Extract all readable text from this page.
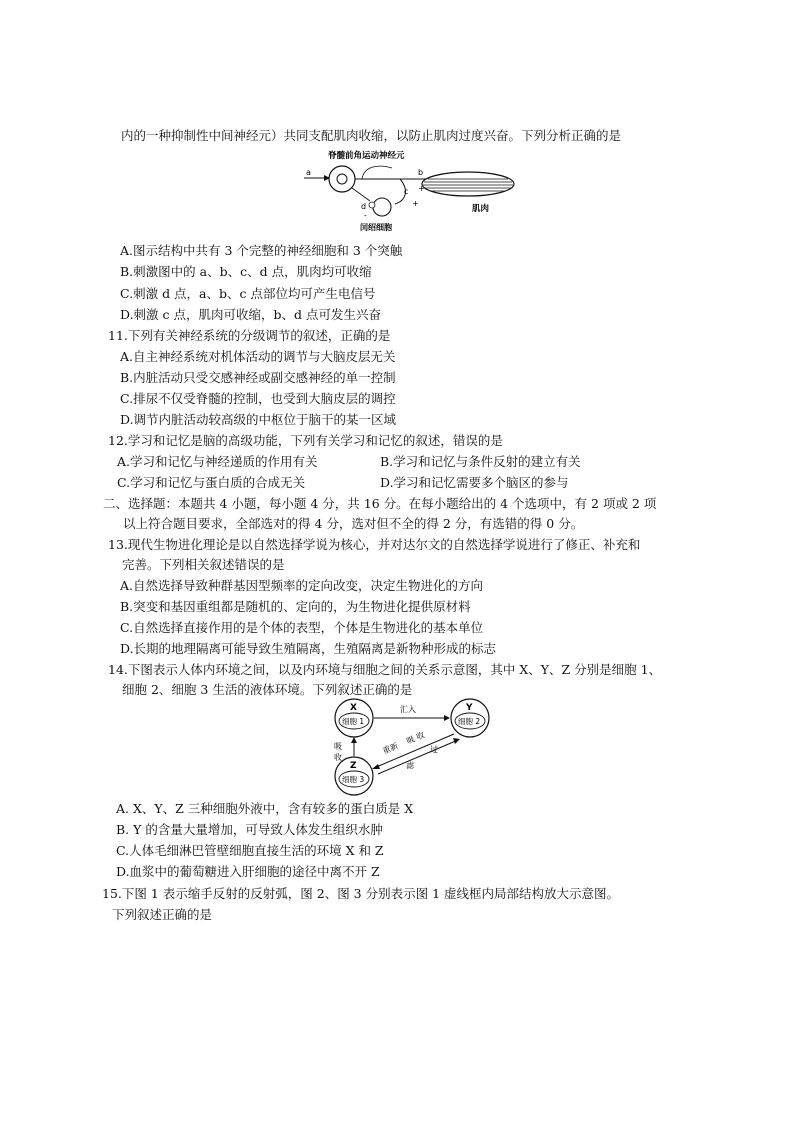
内的一种抑制性中间神经元）共同支配肌肉收缩，以防止肌肉过度兴奋。下列分析正确的是
脊髓前角运动神经元
a
c
+
d
-
闰绍细胞
b
+
肌肉
A.图示结构中共有 3 个完整的神经细胞和 3 个突触
B.刺激图中的 a、b、c、d 点，肌肉均可收缩
C.刺激 d 点，a、b、c 点部位均可产生电信号
D.刺激 c 点，肌肉可收缩，b、d 点可发生兴奋
11.下列有关神经系统的分级调节的叙述，正确的是
A.自主神经系统对机体活动的调节与大脑皮层无关
B.内脏活动只受交感神经或副交感神经的单一控制
C.排尿不仅受脊髓的控制，也受到大脑皮层的调控
D.调节内脏活动较高级的中枢位于脑干的某一区域
12.学习和记忆是脑的高级功能，下列有关学习和记忆的叙述，错误的是
A.学习和记忆与神经递质的作用有关	B.学习和记忆与条件反射的建立有关
C.学习和记忆与蛋白质的合成无关	D.学习和记忆需要多个脑区的参与
二、选择题：本题共 4 小题，每小题 4 分，共 16 分。在每小题给出的 4 个选项中，有 2 项或 2 项
以上符合题目要求，全部选对的得 4 分，选对但不全的得 2 分，有选错的得 0 分。
13.现代生物进化理论是以自然选择学说为核心，并对达尔文的自然选择学说进行了修正、补充和
完善。下列相关叙述错误的是
A.自然选择导致种群基因型频率的定向改变，决定生物进化的方向
B.突变和基因重组都是随机的、定向的，为生物进化提供原材料
C.自然选择直接作用的是个体的表型，个体是生物进化的基本单位
D.长期的地理隔离可能导致生殖隔离，生殖隔离是新物种形成的标志
14.下图表示人体内环境之间，以及内环境与细胞之间的关系示意图，其中 X、Y、Z 分别是细胞 1、
细胞 2、细胞 3 生活的液体环境。下列叙述正确的是
X
细胞 1
Y
细胞 2
Z
细胞 3
汇入
吸
收
重新
吸 收
过
滤
A. X、Y、Z 三种细胞外液中，含有较多的蛋白质是 X
B. Y 的含量大量增加，可导致人体发生组织水肿
C.人体毛细淋巴管壁细胞直接生活的环境 X 和 Z
D.血浆中的葡萄糖进入肝细胞的途径中离不开 Z
15.下图 1 表示缩手反射的反射弧，图 2、图 3 分别表示图 1 虚线框内局部结构放大示意图。
下列叙述正确的是
